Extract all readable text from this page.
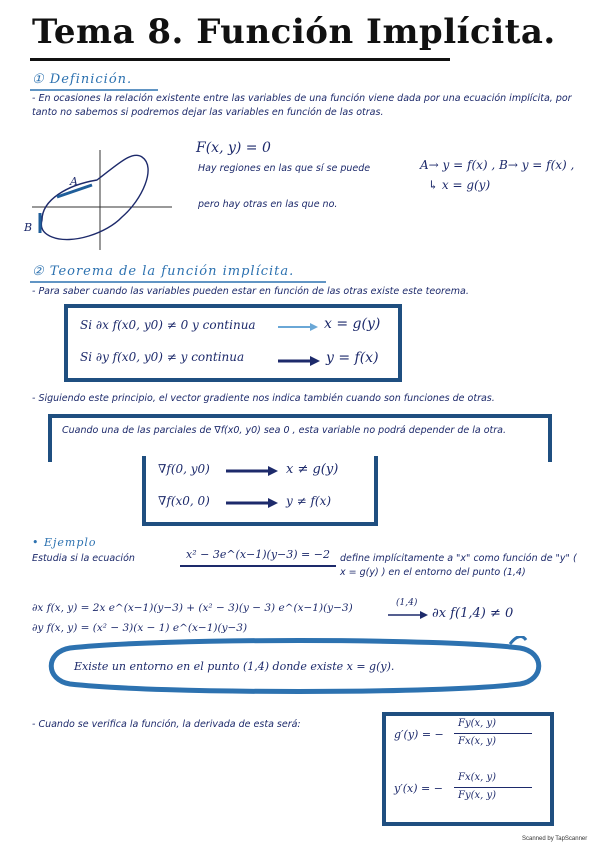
Tema 8. Función Implícita.
① Definición.
- En ocasiones la relación existente entre las variables de una función viene dada por una ecuación implícita, por tanto no sabemos si podremos dejar las variables en función de las otras.
A
B
F(x, y) = 0
Hay regiones en las que sí se puede	A→ y = f(x) , B→ y = f(x) ,
↳ x = g(y)
pero hay otras en las que no.
② Teorema de la función implícita.
- Para saber cuando las variables pueden estar en función de las otras existe este teorema.
Si ∂x f(x0, y0) ≠ 0 y continua	x = g(y)
Si ∂y f(x0, y0) ≠ y continua	y = f(x)
- Siguiendo este principio, el vector gradiente nos indica también cuando son funciones de otras.
Cuando una de las parciales de ∇f(x0, y0) sea 0 , esta variable no podrá depender de la otra.
∇f(0, y0)	x ≠ g(y)
∇f(x0, 0)	y ≠ f(x)
• Ejemplo
Estudia si la ecuación	x² − 3e^(x−1)(y−3) = −2 define implícitamente a "x" como función de "y" ( x = g(y) ) en el entorno del punto (1,4)
∂x f(x, y) = 2x e^(x−1)(y−3) + (x² − 3)(y − 3) e^(x−1)(y−3)	(1,4)
∂x f(1,4) ≠ 0
∂y f(x, y) = (x² − 3)(x − 1) e^(x−1)(y−3)
Existe un entorno en el punto (1,4) donde existe x = g(y).
- Cuando se verifica la función, la derivada de esta será:
g′(y) = −
Fy(x, y)
Fx(x, y)
y′(x) = −
Fx(x, y)
Fy(x, y)
Scanned by TapScanner
